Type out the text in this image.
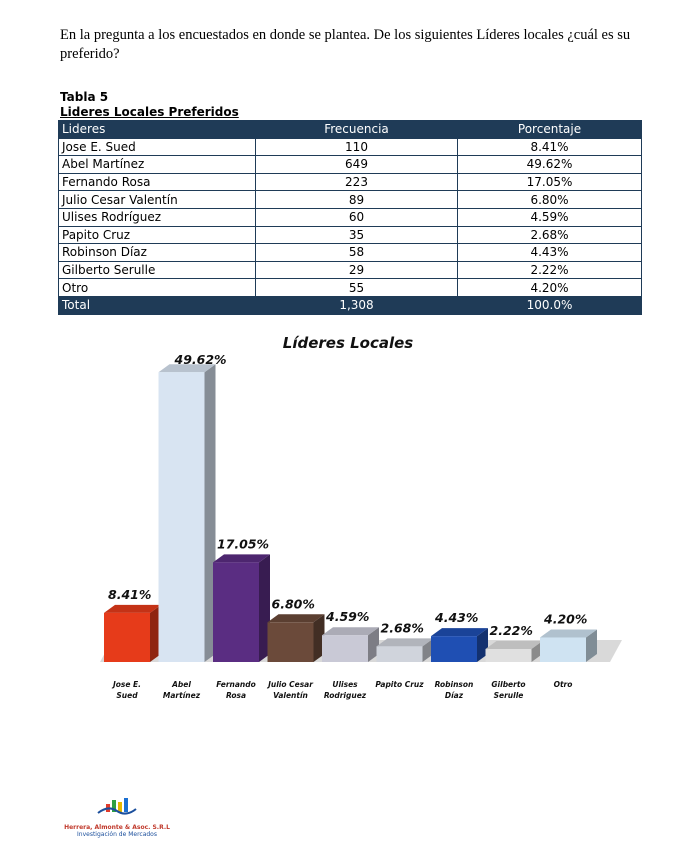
En la pregunta a los encuestados en donde se plantea. De los siguientes Líderes locales ¿cuál es su preferido?
Tabla 5
Lideres Locales Preferidos
Lideres	Frecuencia	Porcentaje
Jose E. Sued	110	8.41%
Abel Martínez	649	49.62%
Fernando Rosa	223	17.05%
Julio Cesar Valentín	89	6.80%
Ulises Rodríguez	60	4.59%
Papito Cruz	35	2.68%
Robinson Díaz	58	4.43%
Gilberto Serulle	29	2.22%
Otro	55	4.20%
Total	1,308	100.0%
Líderes Locales
8.41%
Jose E.
Sued
49.62%
Abel
Martínez
17.05%
Fernando
Rosa
6.80%
Julio Cesar
Valentín
4.59%
Ulises
Rodriguez
2.68%
Papito Cruz
4.43%
Robinson
Díaz
2.22%
Gilberto
Serulle
4.20%
Otro
Herrera, Almonte & Asoc. S.R.L
Investigación de Mercados
